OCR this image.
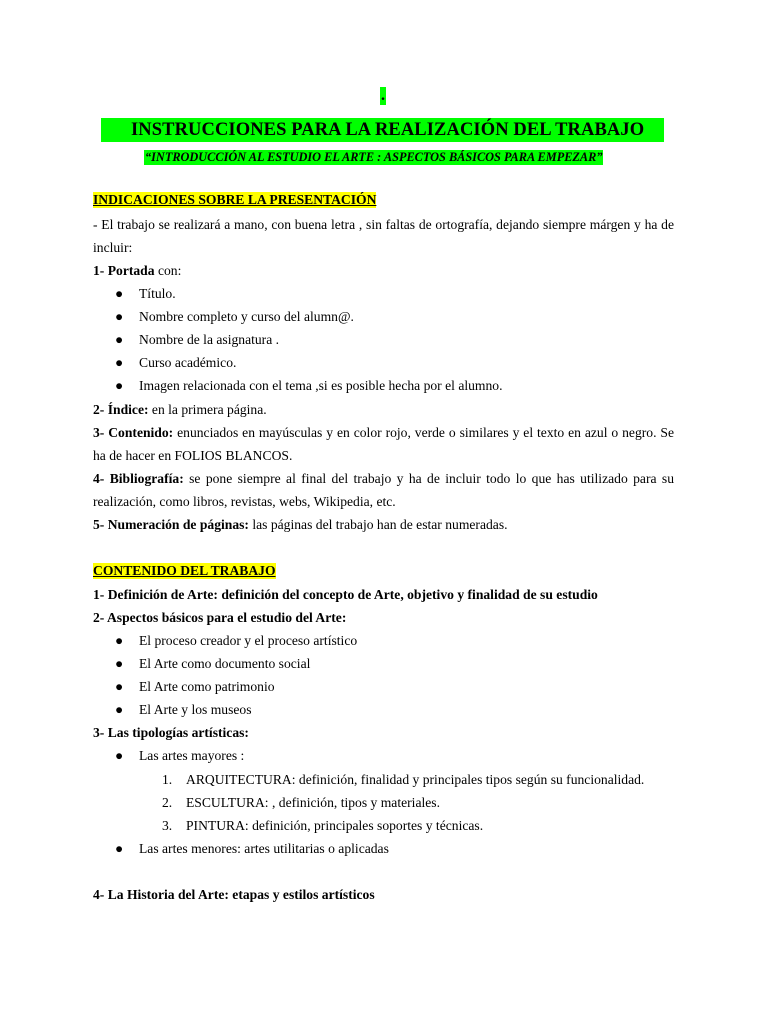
.
INSTRUCCIONES PARA LA REALIZACIÓN DEL TRABAJO
“INTRODUCCIÓN AL ESTUDIO EL ARTE : ASPECTOS BÁSICOS PARA EMPEZAR”
INDICACIONES SOBRE LA PRESENTACIÓN
- El trabajo se realizará a mano, con buena letra , sin faltas de ortografía, dejando siempre márgen y ha de incluir:
1- Portada con:
● Título.
● Nombre completo y curso del alumn@.
● Nombre de la asignatura .
● Curso académico.
● Imagen relacionada con el tema ,si es posible hecha por el alumno.
2- Índice: en la primera página.
3- Contenido: enunciados en mayúsculas y en color rojo, verde o similares y el texto en azul o negro. Se ha de hacer en FOLIOS BLANCOS.
4- Bibliografía: se pone siempre al final del trabajo y ha de incluir todo lo que has utilizado para su realización, como libros, revistas, webs, Wikipedia, etc.
5- Numeración de páginas: las páginas del trabajo han de estar numeradas.
CONTENIDO DEL TRABAJO
1- Definición de Arte: definición del concepto de Arte, objetivo y finalidad de su estudio
2- Aspectos básicos para el estudio del Arte:
● El proceso creador y el proceso artístico
● El Arte como documento social
● El Arte como patrimonio
● El Arte y los museos
3- Las tipologías artísticas:
● Las artes mayores :
1. ARQUITECTURA: definición, finalidad y principales tipos según su funcionalidad.
2. ESCULTURA: , definición, tipos y materiales.
3. PINTURA: definición, principales soportes y técnicas.
● Las artes menores: artes utilitarias o aplicadas
4- La Historia del Arte: etapas y estilos artísticos
